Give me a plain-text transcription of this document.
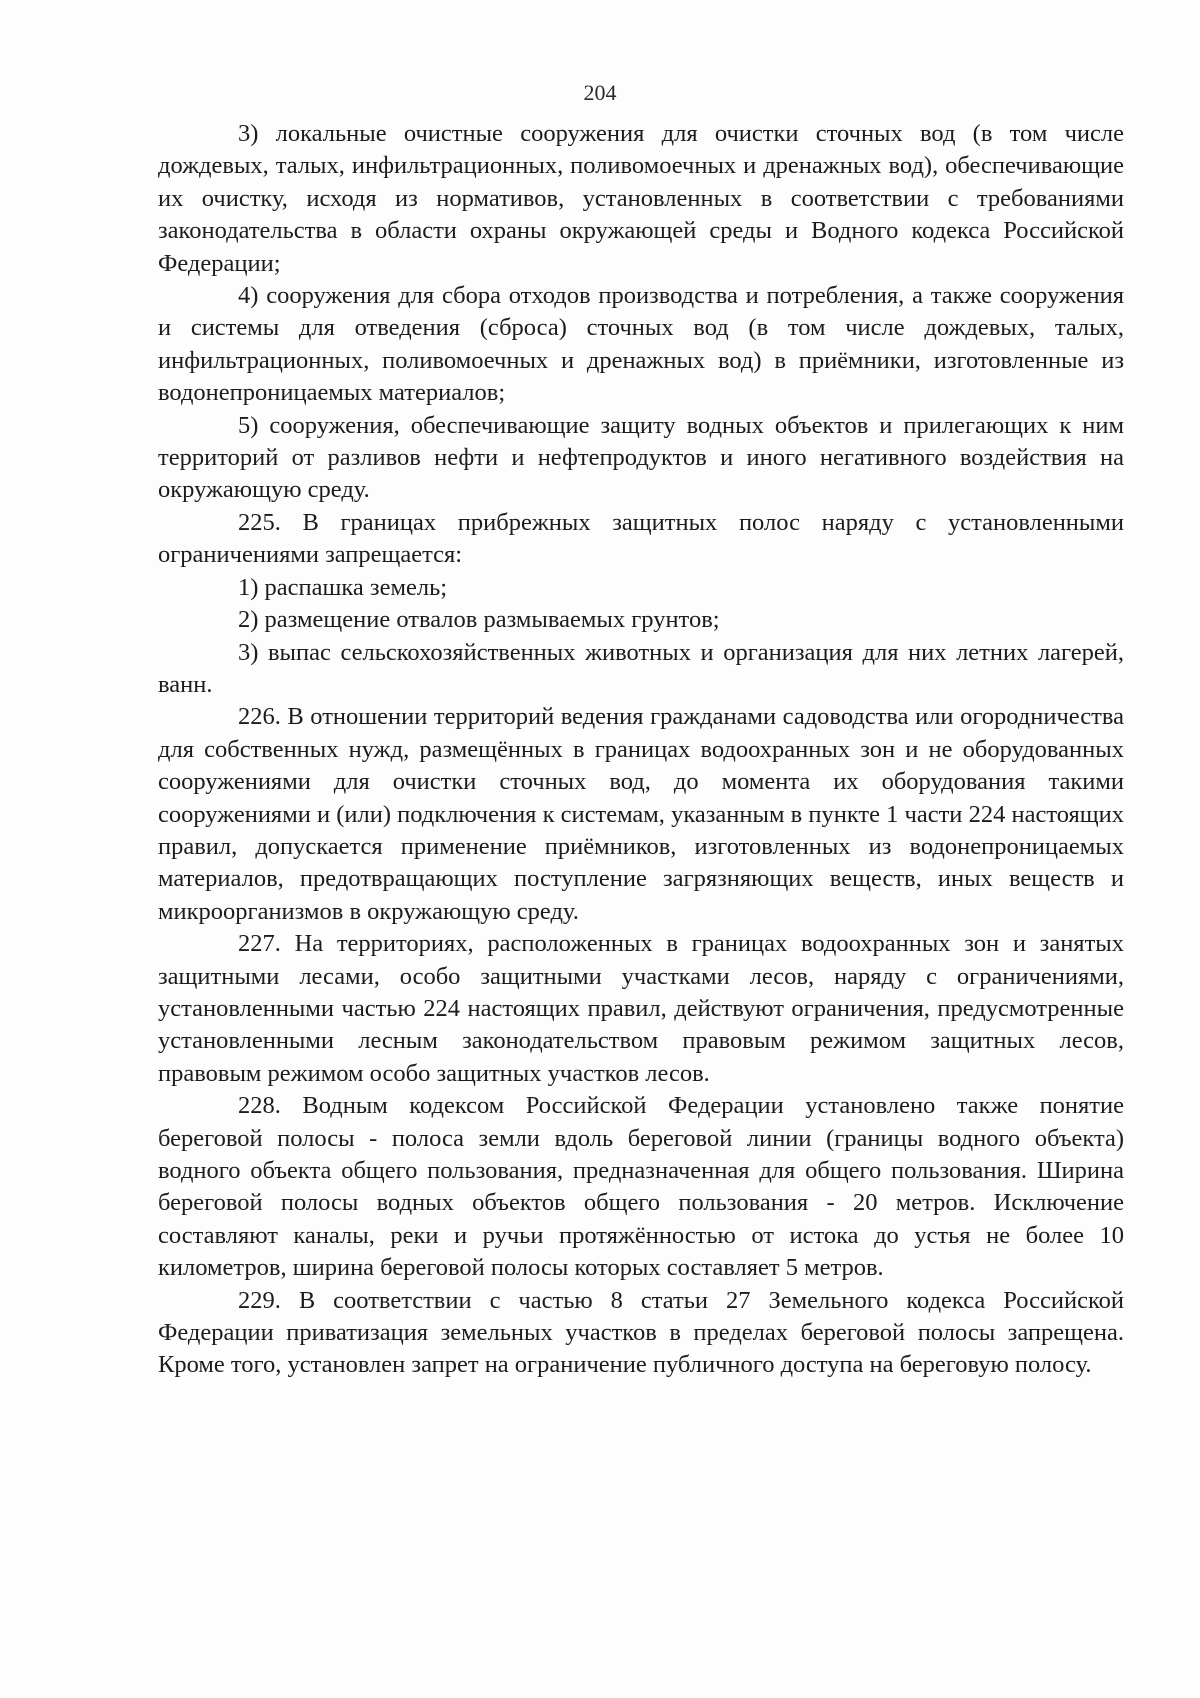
204

3) локальные очистные сооружения для очистки сточных вод (в том числе дождевых, талых, инфильтрационных, поливомоечных и дренажных вод), обеспечивающие их очистку, исходя из нормативов, установленных в соответствии с требованиями законодательства в области охраны окружающей среды и Водного кодекса Российской Федерации;

4) сооружения для сбора отходов производства и потребления, а также сооружения и системы для отведения (сброса) сточных вод (в том числе дождевых, талых, инфильтрационных, поливомоечных и дренажных вод) в приёмники, изготовленные из водонепроницаемых материалов;

5) сооружения, обеспечивающие защиту водных объектов и прилегающих к ним территорий от разливов нефти и нефтепродуктов и иного негативного воздействия на окружающую среду.

225. В границах прибрежных защитных полос наряду с установленными ограничениями запрещается:

1) распашка земель;

2) размещение отвалов размываемых грунтов;

3) выпас сельскохозяйственных животных и организация для них летних лагерей, ванн.

226. В отношении территорий ведения гражданами садоводства или огородничества для собственных нужд, размещённых в границах водоохранных зон и не оборудованных сооружениями для очистки сточных вод, до момента их оборудования такими сооружениями и (или) подключения к системам, указанным в пункте 1 части 224 настоящих правил, допускается применение приёмников, изготовленных из водонепроницаемых материалов, предотвращающих поступление загрязняющих веществ, иных веществ и микроорганизмов в окружающую среду.

227. На территориях, расположенных в границах водоохранных зон и занятых защитными лесами, особо защитными участками лесов, наряду с ограничениями, установленными частью 224 настоящих правил, действуют ограничения, предусмотренные установленными лесным законодательством правовым режимом защитных лесов, правовым режимом особо защитных участков лесов.

228. Водным кодексом Российской Федерации установлено также понятие береговой полосы - полоса земли вдоль береговой линии (границы водного объекта) водного объекта общего пользования, предназначенная для общего пользования. Ширина береговой полосы водных объектов общего пользования - 20 метров. Исключение составляют каналы, реки и ручьи протяжённостью от истока до устья не более 10 километров, ширина береговой полосы которых составляет 5 метров.

229. В соответствии с частью 8 статьи 27 Земельного кодекса Российской Федерации приватизация земельных участков в пределах береговой полосы запрещена. Кроме того, установлен запрет на ограничение публичного доступа на береговую полосу.
